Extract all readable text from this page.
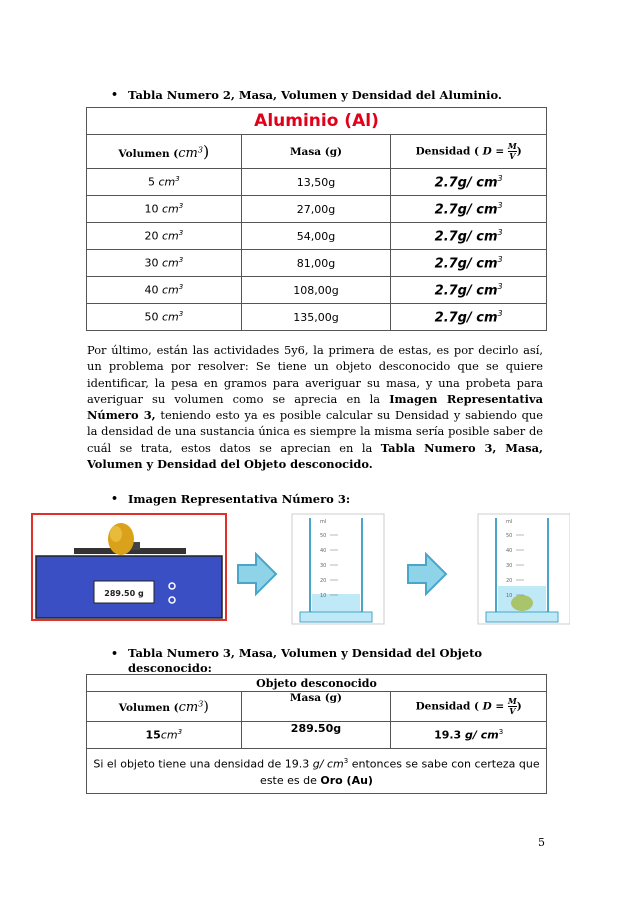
• Tabla Numero 2, Masa, Volumen y Densidad del Aluminio.
Aluminio (Al)		
Volumen $(cm^3)$	Masa (g)	Densidad ( $D = \frac{M}{V}$ )
5 $cm^3$	13,50g	2.7g/ $cm^3$
10 $cm^3$	27,00g	2.7g/ $cm^3$
20 $cm^3$	54,00g	2.7g/ $cm^3$
30 $cm^3$	81,00g	2.7g/ $cm^3$
40 $cm^3$	108,00g	2.7g/ $cm^3$
50 $cm^3$	135,00g	2.7g/ $cm^3$
Por último, están las actividades 5y6, la primera de estas, es por decirlo así, un problema por resolver: Se tiene un objeto desconocido que se quiere identificar, la pesa en gramos para averiguar su masa, y una probeta para averiguar su volumen como se aprecia en la Imagen Representativa Número 3, teniendo esto ya es posible calcular su Densidad y sabiendo que la densidad de una sustancia única es siempre la misma sería posible saber de cuál se trata, estos datos se aprecian en la Tabla Numero 3, Masa, Volumen y Densidad del Objeto desconocido.
• Imagen Representativa Número 3:
289.50 g
ml
50
40
30
20
10
ml
50
40
30
20
10
• Tabla Numero 3, Masa, Volumen y Densidad del Objeto desconocido:
Objeto desconocido		
Volumen $(cm^3)$	Masa (g)	Densidad ( $D = \frac{M}{V}$ )
$15cm^3$	289.50g	19.3 g/ $cm^3$
Si el objeto tiene una densidad de 19.3 g/ $cm^3$ entonces se sabe con certeza que este es de Oro (Au)		
5
